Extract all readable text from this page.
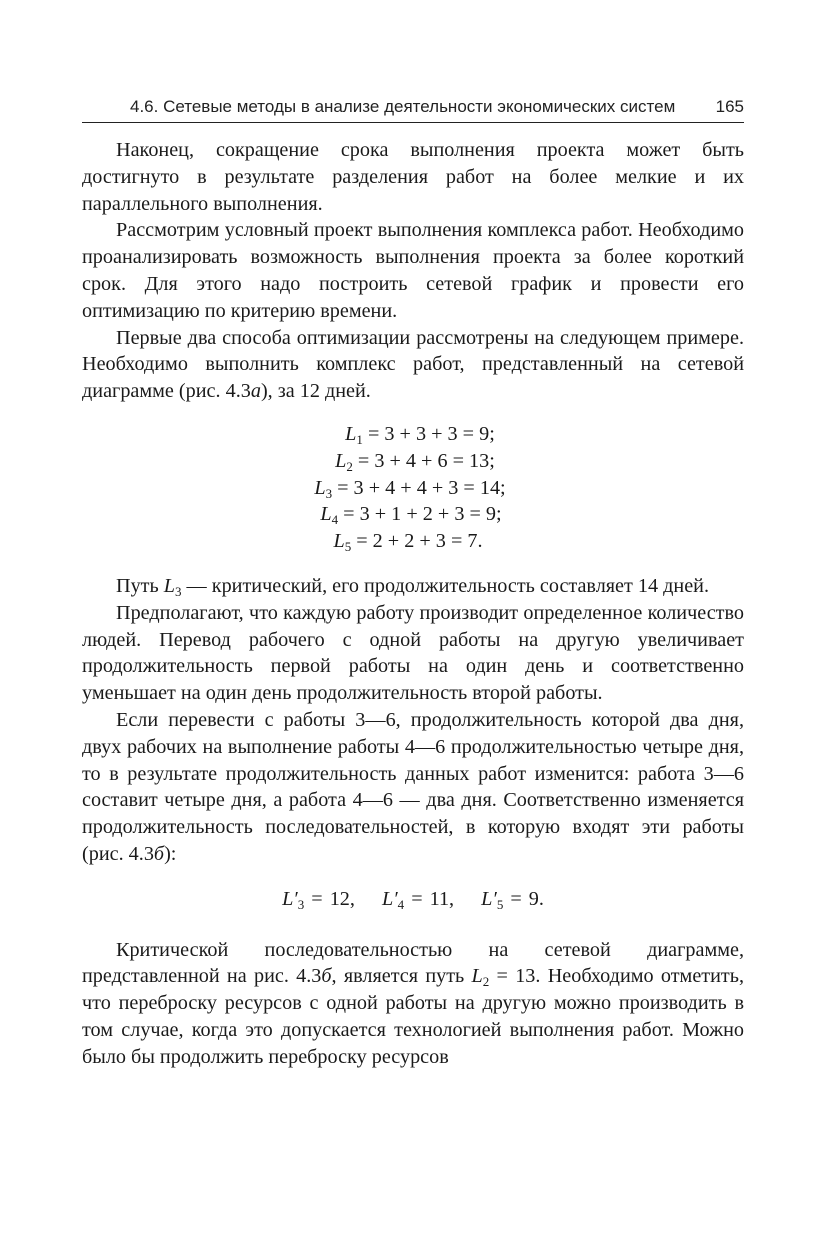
4.6. Сетевые методы в анализе деятельности экономических систем 165

Наконец, сокращение срока выполнения проекта может быть достигнуто в результате разделения работ на более мелкие и их параллельного выполнения.

Рассмотрим условный проект выполнения комплекса работ. Необходимо проанализировать возможность выполнения проекта за более короткий срок. Для этого надо построить сетевой график и провести его оптимизацию по критерию времени.

Первые два способа оптимизации рассмотрены на следующем примере. Необходимо выполнить комплекс работ, представленный на сетевой диаграмме (рис. 4.3а), за 12 дней.

$L_1 = 3 + 3 + 3 = 9$;
$L_2 = 3 + 4 + 6 = 13$;
$L_3 = 3 + 4 + 4 + 3 = 14$;
$L_4 = 3 + 1 + 2 + 3 = 9$;
$L_5 = 2 + 2 + 3 = 7$.

Путь $L_3$ — критический, его продолжительность составляет 14 дней.

Предполагают, что каждую работу производит определенное количество людей. Перевод рабочего с одной работы на другую увеличивает продолжительность первой работы на один день и соответственно уменьшает на один день продолжительность второй работы.

Если перевести с работы 3—6, продолжительность которой два дня, двух рабочих на выполнение работы 4—6 продолжительностью четыре дня, то в результате продолжительность данных работ изменится: работа 3—6 составит четыре дня, а работа 4—6 — два дня. Соответственно изменяется продолжительность последовательностей, в которую входят эти работы (рис. 4.3б):

$L'_3 = 12$, $L'_4 = 11$, $L'_5 = 9$.

Критической последовательностью на сетевой диаграмме, представленной на рис. 4.3б, является путь $L_2 = 13$. Необходимо отметить, что переброску ресурсов с одной работы на другую можно производить в том случае, когда это допускается технологией выполнения работ. Можно было бы продолжить переброску ресурсов
